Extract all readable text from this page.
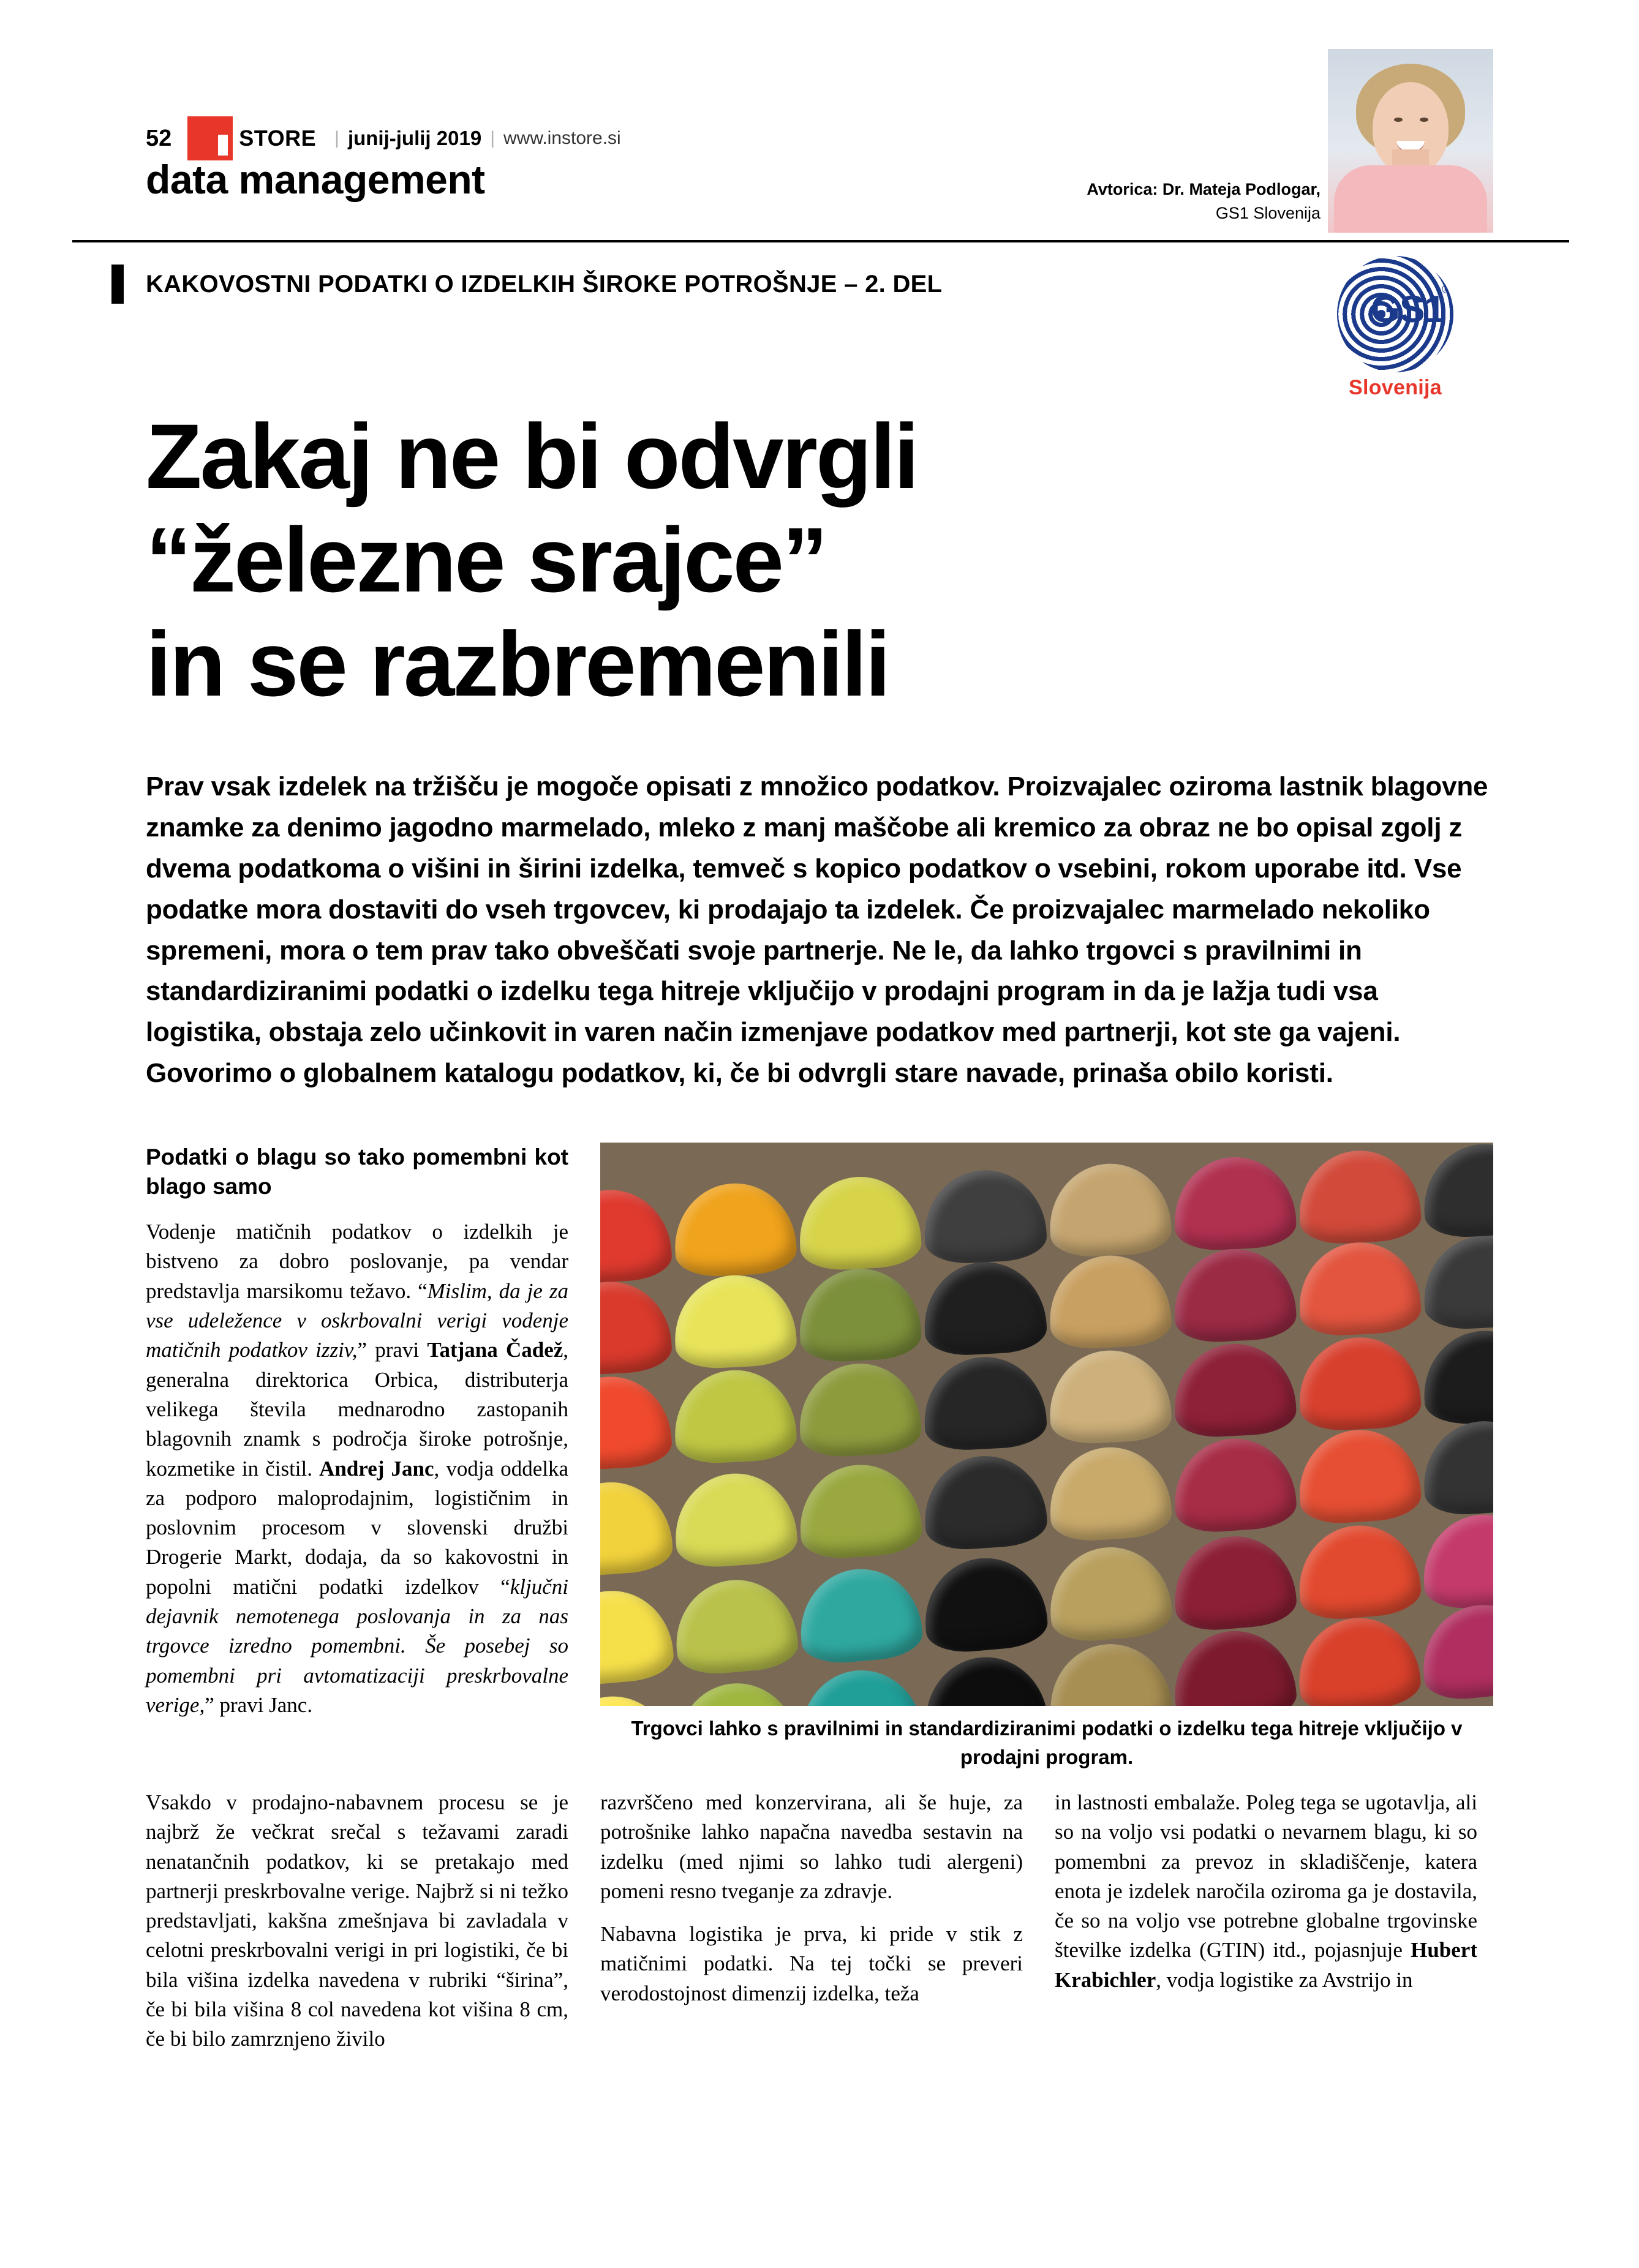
52 IN STORE | junij-julij 2019 | www.instore.si
data management	Avtorica: Dr. Mateja Podlogar,
GS1 Slovenija
KAKOVOSTNI PODATKI O IZDELKIH ŠIROKE POTROŠNJE – 2. DEL	®
GS1
Slovenija
Zakaj ne bi odvrgli
“železne srajce”
in se razbremenili
Prav vsak izdelek na tržišču je mogoče opisati z množico podatkov. Proizvajalec oziroma lastnik blagovne znamke za denimo jagodno marmelado, mleko z manj maščobe ali kremico za obraz ne bo opisal zgolj z dvema podatkoma o višini in širini izdelka, temveč s kopico podatkov o vsebini, rokom uporabe itd. Vse podatke mora dostaviti do vseh trgovcev, ki prodajajo ta izdelek. Če proizvajalec marmelado nekoliko spremeni, mora o tem prav tako obveščati svoje partnerje. Ne le, da lahko trgovci s pravilnimi in standardiziranimi podatki o izdelku tega hitreje vključijo v prodajni program in da je lažja tudi vsa logistika, obstaja zelo učinkovit in varen način izmenjave podatkov med partnerji, kot ste ga vajeni. Govorimo o globalnem katalogu podatkov, ki, če bi odvrgli stare navade, prinaša obilo koristi.
Podatki o blagu so tako pomembni kot blago samo

Vodenje matičnih podatkov o izdelkih je bistveno za dobro poslovanje, pa vendar predstavlja marsikomu težavo. “Mislim, da je za vse udeležence v oskrbovalni verigi vodenje matičnih podatkov izziv,” pravi Tatjana Čadež, generalna direktorica Orbica, distributerja velikega števila mednarodno zastopanih blagovnih znamk s področja široke potrošnje, kozmetike in čistil. Andrej Janc, vodja oddelka za podporo maloprodajnim, logističnim in poslovnim procesom v slovenski družbi Drogerie Markt, dodaja, da so kakovostni in popolni matični podatki izdelkov “ključni dejavnik nemotenega poslovanja in za nas trgovce izredno pomembni. Še posebej so pomembni pri avtomatizaciji preskrbovalne verige,” pravi Janc.

Trgovci lahko s pravilnimi in standardiziranimi podatki o izdelku tega hitreje vključijo v prodajni program.

Vsakdo v prodajno-nabavnem procesu se je najbrž že večkrat srečal s težavami zaradi nenatančnih podatkov, ki se pretakajo med partnerji preskrbovalne verige. Najbrž si ni težko predstavljati, kakšna zmešnjava bi zavladala v celotni preskrbovalni verigi in pri logistiki, če bi bila višina izdelka navedena v rubriki “širina”, če bi bila višina 8 col navedena kot višina 8 cm, če bi bilo zamrznjeno živilo

razvrščeno med konzervirana, ali še huje, za potrošnike lahko napačna navedba sestavin na izdelku (med njimi so lahko tudi alergeni) pomeni resno tveganje za zdravje.

Nabavna logistika je prva, ki pride v stik z matičnimi podatki. Na tej točki se preveri verodostojnost dimenzij izdelka, teža

in lastnosti embalaže. Poleg tega se ugotavlja, ali so na voljo vsi podatki o nevarnem blagu, ki so pomembni za prevoz in skladiščenje, katera enota je izdelek naročila oziroma ga je dostavila, če so na voljo vse potrebne globalne trgovinske številke izdelka (GTIN) itd., pojasnjuje Hubert Krabichler, vodja logistike za Avstrijo in
